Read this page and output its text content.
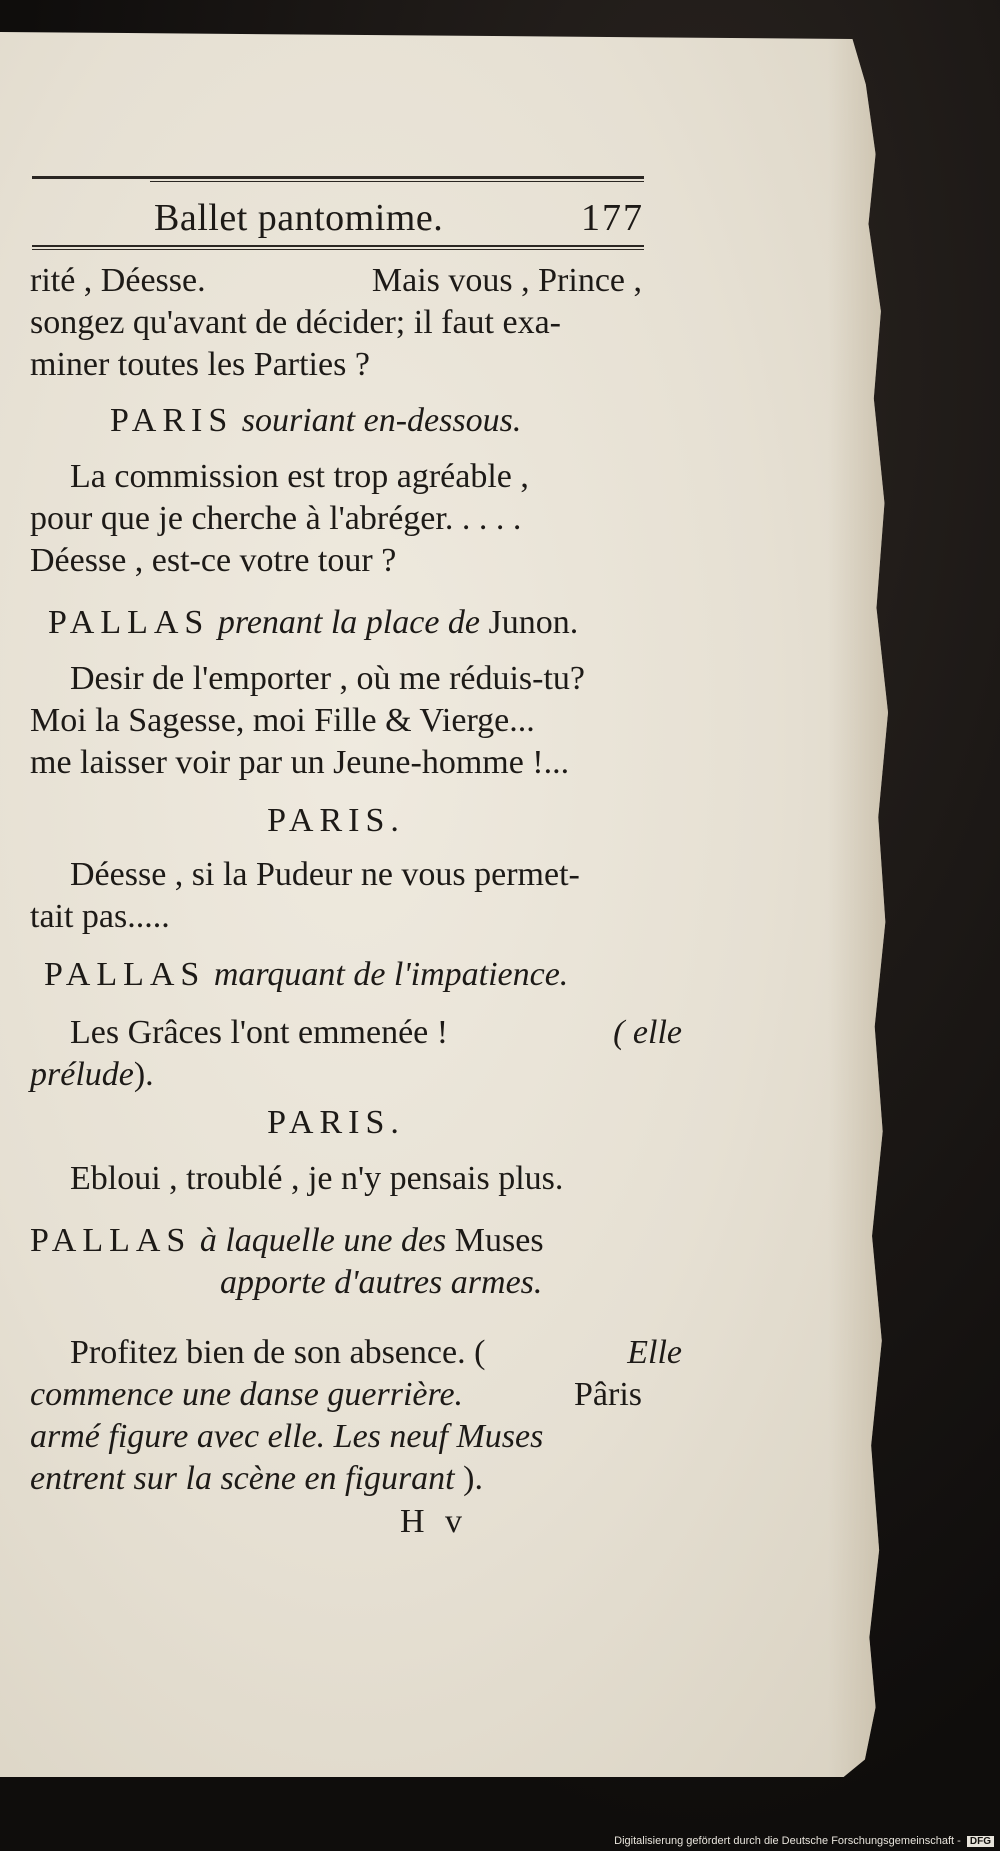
Ballet pantomime.	177
rité , Déesse.	Mais vous , Prince ,
songez qu'avant de décider; il faut exa-
miner toutes les Parties ?
PARIS souriant en-dessous.
La commission est trop agréable ,
pour que je cherche à l'abréger. . . . .
Déesse , est-ce votre tour ?
PALLAS prenant la place de Junon.
Desir de l'emporter , où me réduis-tu?
Moi la Sagesse, moi Fille & Vierge...
me laisser voir par un Jeune-homme !...
PARIS.
Déesse , si la Pudeur ne vous permet-
tait pas.....
PALLAS marquant de l'impatience.
Les Grâces l'ont emmenée !	( elle
prélude).
PARIS.
Ebloui , troublé , je n'y pensais plus.
PALLAS à laquelle une des Muses
apporte d'autres armes.
Profitez bien de son absence. (	Elle
commence une danse guerrière.	Pâris
armé figure avec elle. Les neuf Muses
entrent sur la scène en figurant ).
H v
Digitalisierung gefördert durch die Deutsche Forschungsgemeinschaft - DFG
